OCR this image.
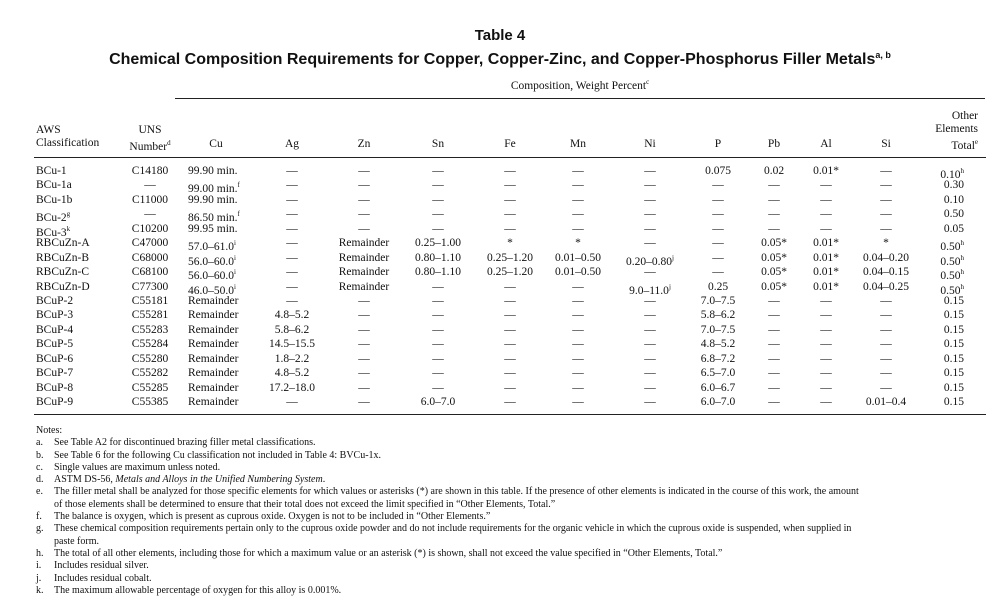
Table 4
Chemical Composition Requirements for Copper, Copper-Zinc, and Copper-Phosphorus Filler Metals$^{a, b}$
Composition, Weight Percent$^c$
AWS
Classification
UNS
Number$^d$	Cu	Ag	Zn	Sn	Fe	Mn	Ni	P	Pb	Al	Si
Other
Elements
Total$^e$
BCu-1	C14180	99.90 min.	—	—	—	—	—	—	0.075	0.02	0.01*	—	0.10$^h$
BCu-1a	—	99.00 min.$^f$	—	—	—	—	—	—	—	—	—	—	0.30
BCu-1b	C11000	99.90 min.	—	—	—	—	—	—	—	—	—	—	0.10
BCu-2$^g$	—	86.50 min.$^f$	—	—	—	—	—	—	—	—	—	—	0.50
BCu-3$^k$	C10200	99.95 min.	—	—	—	—	—	—	—	—	—	—	0.05
RBCuZn-A	C47000	57.0–61.0$^i$	—	Remainder	0.25–1.00	*	*	—	—	0.05*	0.01*	*	0.50$^h$
RBCuZn-B	C68000	56.0–60.0$^i$	—	Remainder	0.80–1.10	0.25–1.20	0.01–0.50	0.20–0.80$^j$	—	0.05*	0.01*	0.04–0.20	0.50$^h$
RBCuZn-C	C68100	56.0–60.0$^i$	—	Remainder	0.80–1.10	0.25–1.20	0.01–0.50	—	—	0.05*	0.01*	0.04–0.15	0.50$^h$
RBCuZn-D	C77300	46.0–50.0$^i$	—	Remainder	—	—	—	9.0–11.0$^j$	0.25	0.05*	0.01*	0.04–0.25	0.50$^h$
BCuP-2	C55181	Remainder	—	—	—	—	—	—	7.0–7.5	—	—	—	0.15
BCuP-3	C55281	Remainder	4.8–5.2	—	—	—	—	—	5.8–6.2	—	—	—	0.15
BCuP-4	C55283	Remainder	5.8–6.2	—	—	—	—	—	7.0–7.5	—	—	—	0.15
BCuP-5	C55284	Remainder	14.5–15.5	—	—	—	—	—	4.8–5.2	—	—	—	0.15
BCuP-6	C55280	Remainder	1.8–2.2	—	—	—	—	—	6.8–7.2	—	—	—	0.15
BCuP-7	C55282	Remainder	4.8–5.2	—	—	—	—	—	6.5–7.0	—	—	—	0.15
BCuP-8	C55285	Remainder	17.2–18.0	—	—	—	—	—	6.0–6.7	—	—	—	0.15
BCuP-9	C55385	Remainder	—	—	6.0–7.0	—	—	—	6.0–7.0	—	—	0.01–0.4	0.15
Notes:
a. See Table A2 for discontinued brazing filler metal classifications.
b. See Table 6 for the following Cu classification not included in Table 4: BVCu-1x.
c. Single values are maximum unless noted.
d. ASTM DS-56, Metals and Alloys in the Unified Numbering System.
e. The filler metal shall be analyzed for those specific elements for which values or asterisks (*) are shown in this table. If the presence of other elements is indicated in the course of this work, the amount
of those elements shall be determined to ensure that their total does not exceed the limit specified in “Other Elements, Total.”
f. The balance is oxygen, which is present as cuprous oxide. Oxygen is not to be included in “Other Elements.”
g. These chemical composition requirements pertain only to the cuprous oxide powder and do not include requirements for the organic vehicle in which the cuprous oxide is suspended, when supplied in
paste form.
h. The total of all other elements, including those for which a maximum value or an asterisk (*) is shown, shall not exceed the value specified in “Other Elements, Total.”
i. Includes residual silver.
j. Includes residual cobalt.
k. The maximum allowable percentage of oxygen for this alloy is 0.001%.
